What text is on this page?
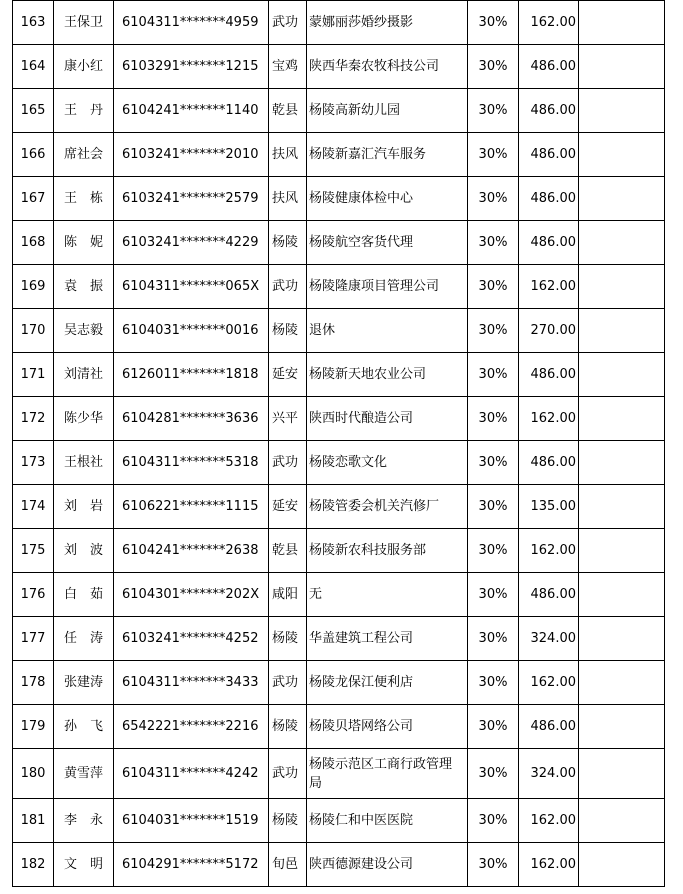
163	王保卫	6104311*******4959	武功	蒙娜丽莎婚纱摄影	30%	162.00	
164	康小红	6103291*******1215	宝鸡	陕西华秦农牧科技公司	30%	486.00	
165	王　丹	6104241*******1140	乾县	杨陵高新幼儿园	30%	486.00	
166	席社会	6103241*******2010	扶风	杨陵新嘉汇汽车服务	30%	486.00	
167	王　栋	6103241*******2579	扶风	杨陵健康体检中心	30%	486.00	
168	陈　妮	6103241*******4229	杨陵	杨陵航空客货代理	30%	486.00	
169	袁　振	6104311*******065X	武功	杨陵隆康项目管理公司	30%	162.00	
170	吴志毅	6104031*******0016	杨陵	退休	30%	270.00	
171	刘清社	6126011*******1818	延安	杨陵新天地农业公司	30%	486.00	
172	陈少华	6104281*******3636	兴平	陕西时代酿造公司	30%	162.00	
173	王根社	6104311*******5318	武功	杨陵恋歌文化	30%	486.00	
174	刘　岩	6106221*******1115	延安	杨陵管委会机关汽修厂	30%	135.00	
175	刘　波	6104241*******2638	乾县	杨陵新农科技服务部	30%	162.00	
176	白　茹	6104301*******202X	咸阳	无	30%	486.00	
177	任　涛	6103241*******4252	杨陵	华盖建筑工程公司	30%	324.00	
178	张建涛	6104311*******3433	武功	杨陵龙保江便利店	30%	162.00	
179	孙　飞	6542221*******2216	杨陵	杨陵贝塔网络公司	30%	486.00	
180	黄雪萍	6104311*******4242	武功	杨陵示范区工商行政管理局	30%	324.00	
181	李　永	6104031*******1519	杨陵	杨陵仁和中医医院	30%	162.00	
182	文　明	6104291*******5172	旬邑	陕西德源建设公司	30%	162.00	
